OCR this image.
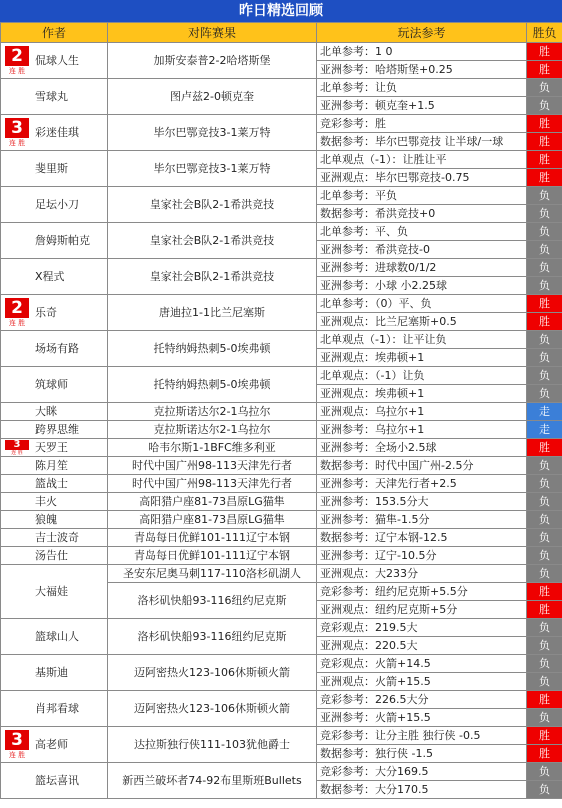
昨日精选回顾
作者	对阵赛果	玩法参考	胜负

2
连 胜
侃球人生	加斯安泰普2-2哈塔斯堡	北单参考：1 0	胜
		亚洲参考：哈塔斯堡+0.25	胜
雪球丸	图卢兹2-0顿克奎	北单参考：让负	负
		亚洲参考：顿克奎+1.5	负

3
连 胜
彩迷佳琪	毕尔巴鄂竞技3-1莱万特	竞彩参考：胜	胜
		数据参考：毕尔巴鄂竞技 让半球/一球	胜
斐里斯	毕尔巴鄂竞技3-1莱万特	北单观点（-1）：让胜让平	胜
		亚洲观点：毕尔巴鄂竞技-0.75	胜
足坛小刀	皇家社会B队2-1希洪竞技	北单参考：平负	负
		数据参考：希洪竞技+0	负
詹姆斯帕克	皇家社会B队2-1希洪竞技	北单参考：平、负	负
		亚洲参考：希洪竞技-0	负
X程式	皇家社会B队2-1希洪竞技	亚洲参考：进球数0/1/2	负
		亚洲参考：小球 小2.25球	负

2
连 胜
乐奇	唐迪拉1-1比兰尼塞斯	北单参考：（0）平、负	胜
		亚洲观点：比兰尼塞斯+0.5	胜
场场有路	托特纳姆热刺5-0埃弗顿	北单观点（-1）：让平让负	负
		亚洲观点：埃弗顿+1	负
筑球师	托特纳姆热刺5-0埃弗顿	北单观点：（-1）让负	负
		亚洲观点：埃弗顿+1	负
大眯	克拉斯诺达尔2-1乌拉尔	亚洲观点：乌拉尔+1	走
跨界思维	克拉斯诺达尔2-1乌拉尔	亚洲参考：乌拉尔+1	走

3
连 胜 天罗王	哈韦尔斯1-1BFC维多利亚	亚洲参考：全场小2.5球	胜
陈月笙	时代中国广州98-113天津先行者	数据参考：时代中国广州-2.5分	负
篮战士	时代中国广州98-113天津先行者	亚洲参考：天津先行者+2.5	负
丰火	高阳猎户座81-73昌原LG猫隼	亚洲参考：153.5分大	负
狼魄	高阳猎户座81-73昌原LG猫隼	亚洲参考：猫隼-1.5分	负
吉士波奇	青岛每日优鲜101-111辽宁本钢	数据参考：辽宁本钢-12.5	负
汤告仕	青岛每日优鲜101-111辽宁本钢	亚洲参考：辽宁-10.5分	负
大福娃	圣安东尼奥马刺117-110洛杉矶湖人	亚洲观点：大233分	负
	洛杉矶快船93-116纽约尼克斯	竞彩参考：纽约尼克斯+5.5分	胜
		亚洲观点：纽约尼克斯+5分	胜
篮球山人	洛杉矶快船93-116纽约尼克斯	竞彩观点：219.5大	负
		亚洲观点：220.5大	负
基斯迪	迈阿密热火123-106休斯顿火箭	竞彩观点：火箭+14.5	负
		亚洲观点：火箭+15.5	负
肖邦看球	迈阿密热火123-106休斯顿火箭	竞彩参考：226.5大分	胜
		亚洲参考：火箭+15.5	负

3
连 胜
高老师	达拉斯独行侠111-103犹他爵士	竞彩参考：让分主胜 独行侠 -0.5	胜
		数据参考：独行侠 -1.5	胜
篮坛喜讯	新西兰破坏者74-92布里斯班Bullets	竞彩参考：大分169.5	负
		数据参考：大分170.5	负
